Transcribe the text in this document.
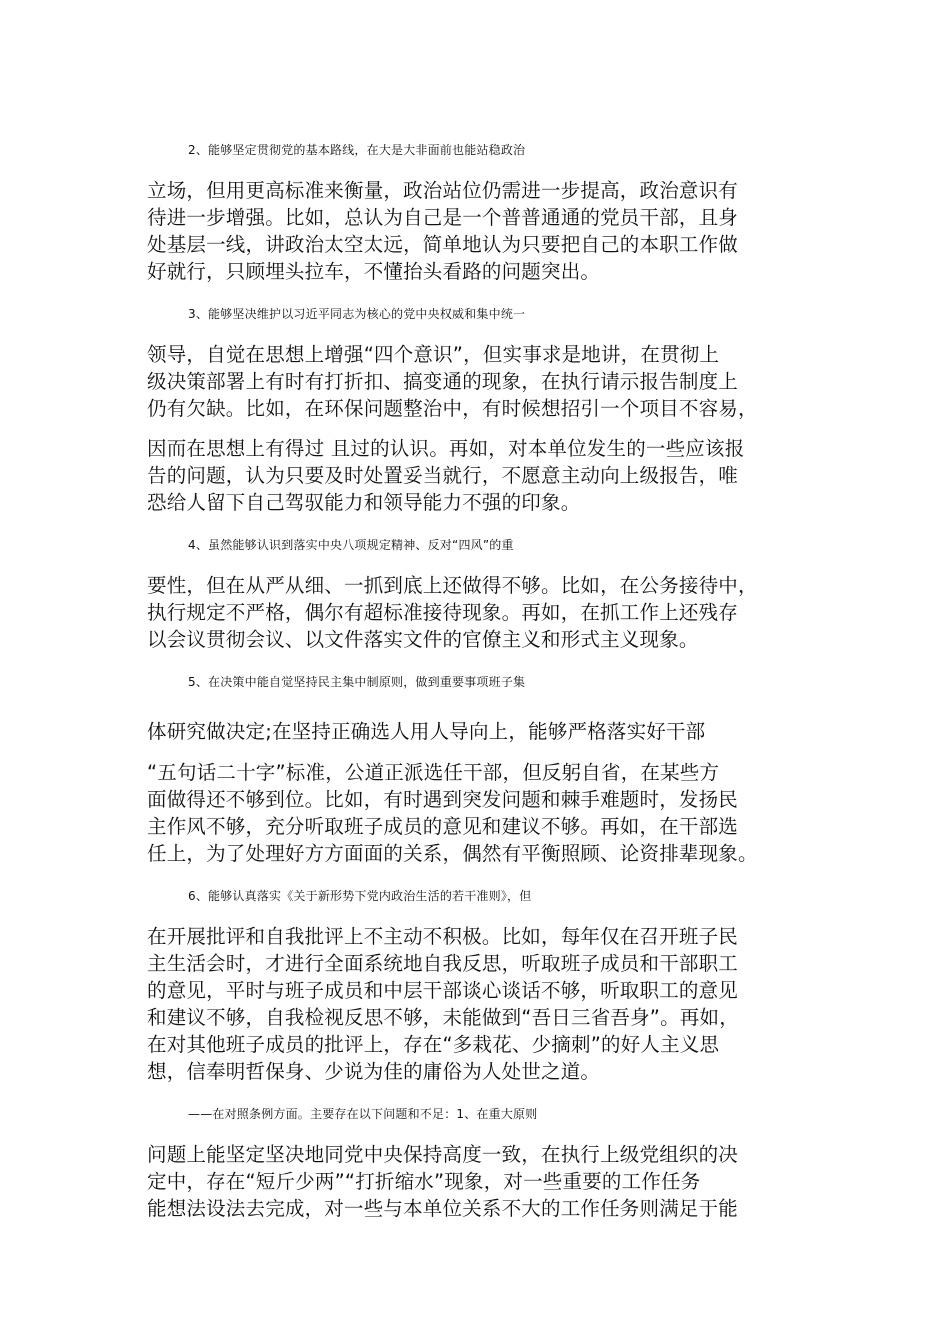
2、能够坚定贯彻党的基本路线，在大是大非面前也能站稳政治
立场，但用更高标准来衡量，政治站位仍需进一步提高，政治意识有
待进一步增强。比如，总认为自己是一个普普通通的党员干部，且身
处基层一线，讲政治太空太远，简单地认为只要把自己的本职工作做
好就行，只顾埋头拉车，不懂抬头看路的问题突出。
3、能够坚决维护以习近平同志为核心的党中央权威和集中统一
领导，自觉在思想上增强“四个意识”，但实事求是地讲，在贯彻上
级决策部署上有时有打折扣、搞变通的现象，在执行请示报告制度上
仍有欠缺。比如，在环保问题整治中，有时候想招引一个项目不容易，
因而在思想上有得过 且过的认识。再如，对本单位发生的一些应该报
告的问题，认为只要及时处置妥当就行，不愿意主动向上级报告，唯
恐给人留下自己驾驭能力和领导能力不强的印象。
4、虽然能够认识到落实中央八项规定精神、反对“四风”的重
要性，但在从严从细、一抓到底上还做得不够。比如，在公务接待中，
执行规定不严格，偶尔有超标准接待现象。再如，在抓工作上还残存
以会议贯彻会议、以文件落实文件的官僚主义和形式主义现象。
5、在决策中能自觉坚持民主集中制原则，做到重要事项班子集
体研究做决定;在坚持正确选人用人导向上，能够严格落实好干部
“五句话二十字”标准，公道正派选任干部，但反躬自省，在某些方
面做得还不够到位。比如，有时遇到突发问题和棘手难题时，发扬民
主作风不够，充分听取班子成员的意见和建议不够。再如，在干部选
任上，为了处理好方方面面的关系，偶然有平衡照顾、论资排辈现象。
6、能够认真落实《关于新形势下党内政治生活的若干准则》，但
在开展批评和自我批评上不主动不积极。比如，每年仅在召开班子民
主生活会时，才进行全面系统地自我反思，听取班子成员和干部职工
的意见，平时与班子成员和中层干部谈心谈话不够，听取职工的意见
和建议不够，自我检视反思不够，未能做到“吾日三省吾身”。再如，
在对其他班子成员的批评上，存在“多栽花、少摘刺”的好人主义思
想，信奉明哲保身、少说为佳的庸俗为人处世之道。
——在对照条例方面。主要存在以下问题和不足：1、在重大原则
问题上能坚定坚决地同党中央保持高度一致，在执行上级党组织的决
定中，存在“短斤少两”“打折缩水”现象，对一些重要的工作任务
能想法设法去完成，对一些与本单位关系不大的工作任务则满足于能
